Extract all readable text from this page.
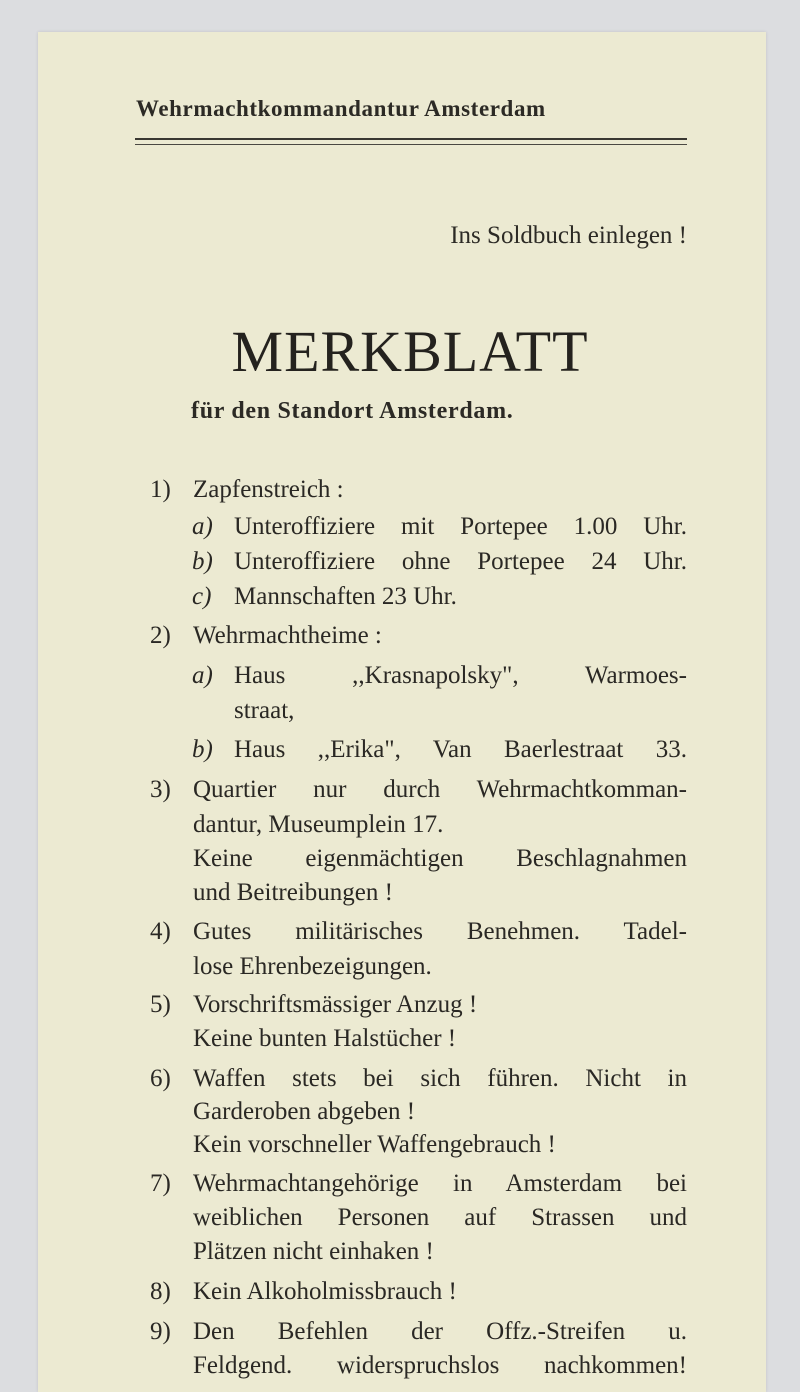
Wehrmachtkommandantur Amsterdam
Ins Soldbuch einlegen !
MERKBLATT
für den Standort Amsterdam.
1) Zapfenstreich :
a) Unteroffiziere mit Portepee 1.00 Uhr.
b) Unteroffiziere ohne Portepee 24 Uhr.
c) Mannschaften 23 Uhr.
2) Wehrmachtheime :
a) Haus ,,Krasnapolsky", Warmoes-
straat,
b) Haus ,,Erika", Van Baerlestraat 33.
3) Quartier nur durch Wehrmachtkomman-
dantur, Museumplein 17.
Keine eigenmächtigen Beschlagnahmen
und Beitreibungen !
4) Gutes militärisches Benehmen. Tadel-
lose Ehrenbezeigungen.
5) Vorschriftsmässiger Anzug !
Keine bunten Halstücher !
6) Waffen stets bei sich führen. Nicht in
Garderoben abgeben !
Kein vorschneller Waffengebrauch !
7) Wehrmachtangehörige in Amsterdam bei
weiblichen Personen auf Strassen und
Plätzen nicht einhaken !
8) Kein Alkoholmissbrauch !
9) Den Befehlen der Offz.-Streifen u.
Feldgend. widerspruchslos nachkommen!
